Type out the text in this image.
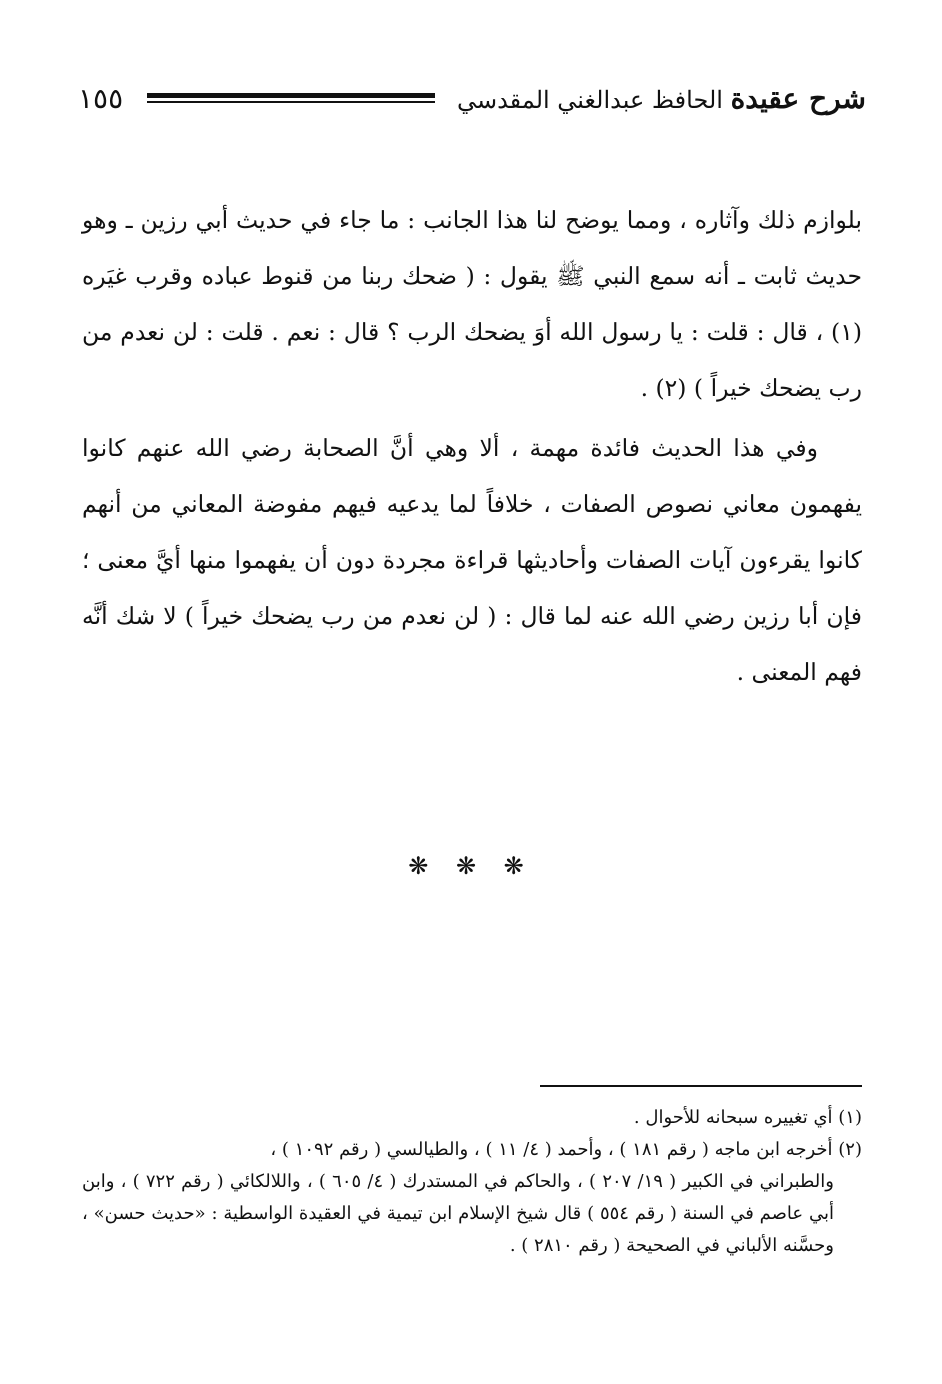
شرح عقيدة الحافظ عبدالغني المقدسي
١٥٥

بلوازم ذلك وآثاره ، ومما يوضح لنا هذا الجانب : ما جاء في حديث أبي رزين ـ وهو حديث ثابت ـ أنه سمع النبي ﷺ يقول : ( ضحك ربنا من قنوط عباده وقرب غيَره (١) ، قال : قلت : يا رسول الله أوَ يضحك الرب ؟ قال : نعم . قلت : لن نعدم من رب يضحك خيراً ) (٢) .

وفي هذا الحديث فائدة مهمة ، ألا وهي أنَّ الصحابة رضي الله عنهم كانوا يفهمون معاني نصوص الصفات ، خلافاً لما يدعيه فيهم مفوضة المعاني من أنهم كانوا يقرءون آيات الصفات وأحاديثها قراءة مجردة دون أن يفهموا منها أيَّ معنى ؛ فإن أبا رزين رضي الله عنه لما قال : ( لن نعدم من رب يضحك خيراً ) لا شك أنَّه فهم المعنى .

❋ ❋ ❋

(١) أي تغييره سبحانه للأحوال .

(٢) أخرجه ابن ماجه ( رقم ١٨١ ) ، وأحمد ( ٤/ ١١ ) ، والطيالسي ( رقم ١٠٩٢ ) ،

والطبراني في الكبير ( ١٩/ ٢٠٧ ) ، والحاكم في المستدرك ( ٤/ ٦٠٥ ) ، واللالكائي ( رقم ٧٢٢ ) ، وابن أبي عاصم في السنة ( رقم ٥٥٤ ) قال شيخ الإسلام ابن تيمية في العقيدة الواسطية : «حديث حسن» ، وحسَّنه الألباني في الصحيحة ( رقم ٢٨١٠ ) .
